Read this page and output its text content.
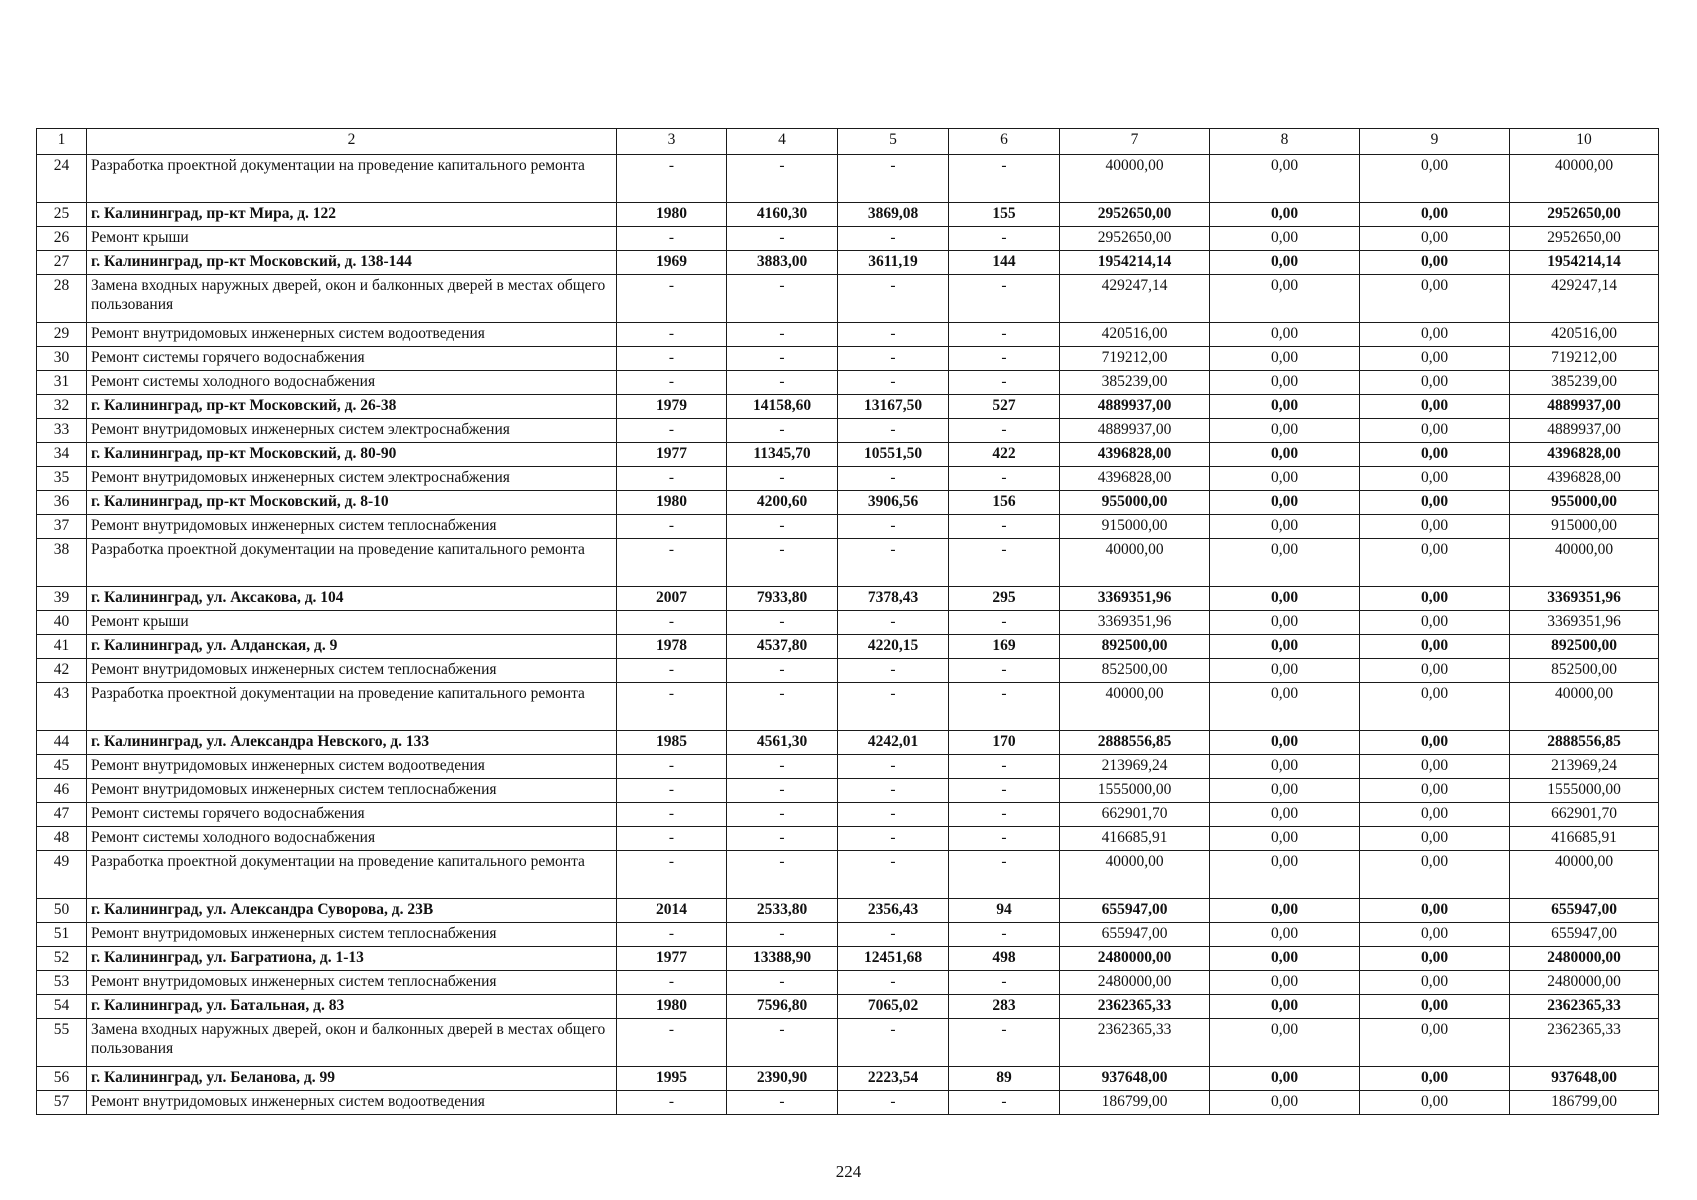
1	2	3	4	5	6	7	8	9	10
24	Разработка проектной документации на проведение капитального ремонта	-	-	-	-	40000,00	0,00	0,00	40000,00
25	г. Калининград, пр-кт Мира, д. 122	1980	4160,30	3869,08	155	2952650,00	0,00	0,00	2952650,00
26	Ремонт крыши	-	-	-	-	2952650,00	0,00	0,00	2952650,00
27	г. Калининград, пр-кт Московский, д. 138-144	1969	3883,00	3611,19	144	1954214,14	0,00	0,00	1954214,14
28	Замена входных наружных дверей, окон и балконных дверей в местах общего пользования	-	-	-	-	429247,14	0,00	0,00	429247,14
29	Ремонт внутридомовых инженерных систем водоотведения	-	-	-	-	420516,00	0,00	0,00	420516,00
30	Ремонт системы горячего водоснабжения	-	-	-	-	719212,00	0,00	0,00	719212,00
31	Ремонт системы холодного водоснабжения	-	-	-	-	385239,00	0,00	0,00	385239,00
32	г. Калининград, пр-кт Московский, д. 26-38	1979	14158,60	13167,50	527	4889937,00	0,00	0,00	4889937,00
33	Ремонт внутридомовых инженерных систем электроснабжения	-	-	-	-	4889937,00	0,00	0,00	4889937,00
34	г. Калининград, пр-кт Московский, д. 80-90	1977	11345,70	10551,50	422	4396828,00	0,00	0,00	4396828,00
35	Ремонт внутридомовых инженерных систем электроснабжения	-	-	-	-	4396828,00	0,00	0,00	4396828,00
36	г. Калининград, пр-кт Московский, д. 8-10	1980	4200,60	3906,56	156	955000,00	0,00	0,00	955000,00
37	Ремонт внутридомовых инженерных систем теплоснабжения	-	-	-	-	915000,00	0,00	0,00	915000,00
38	Разработка проектной документации на проведение капитального ремонта	-	-	-	-	40000,00	0,00	0,00	40000,00
39	г. Калининград, ул. Аксакова, д. 104	2007	7933,80	7378,43	295	3369351,96	0,00	0,00	3369351,96
40	Ремонт крыши	-	-	-	-	3369351,96	0,00	0,00	3369351,96
41	г. Калининград, ул. Алданская, д. 9	1978	4537,80	4220,15	169	892500,00	0,00	0,00	892500,00
42	Ремонт внутридомовых инженерных систем теплоснабжения	-	-	-	-	852500,00	0,00	0,00	852500,00
43	Разработка проектной документации на проведение капитального ремонта	-	-	-	-	40000,00	0,00	0,00	40000,00
44	г. Калининград, ул. Александра Невского, д. 133	1985	4561,30	4242,01	170	2888556,85	0,00	0,00	2888556,85
45	Ремонт внутридомовых инженерных систем водоотведения	-	-	-	-	213969,24	0,00	0,00	213969,24
46	Ремонт внутридомовых инженерных систем теплоснабжения	-	-	-	-	1555000,00	0,00	0,00	1555000,00
47	Ремонт системы горячего водоснабжения	-	-	-	-	662901,70	0,00	0,00	662901,70
48	Ремонт системы холодного водоснабжения	-	-	-	-	416685,91	0,00	0,00	416685,91
49	Разработка проектной документации на проведение капитального ремонта	-	-	-	-	40000,00	0,00	0,00	40000,00
50	г. Калининград, ул. Александра Суворова, д. 23В	2014	2533,80	2356,43	94	655947,00	0,00	0,00	655947,00
51	Ремонт внутридомовых инженерных систем теплоснабжения	-	-	-	-	655947,00	0,00	0,00	655947,00
52	г. Калининград, ул. Багратиона, д. 1-13	1977	13388,90	12451,68	498	2480000,00	0,00	0,00	2480000,00
53	Ремонт внутридомовых инженерных систем теплоснабжения	-	-	-	-	2480000,00	0,00	0,00	2480000,00
54	г. Калининград, ул. Батальная, д. 83	1980	7596,80	7065,02	283	2362365,33	0,00	0,00	2362365,33
55	Замена входных наружных дверей, окон и балконных дверей в местах общего пользования	-	-	-	-	2362365,33	0,00	0,00	2362365,33
56	г. Калининград, ул. Беланова, д. 99	1995	2390,90	2223,54	89	937648,00	0,00	0,00	937648,00
57	Ремонт внутридомовых инженерных систем водоотведения	-	-	-	-	186799,00	0,00	0,00	186799,00
224
